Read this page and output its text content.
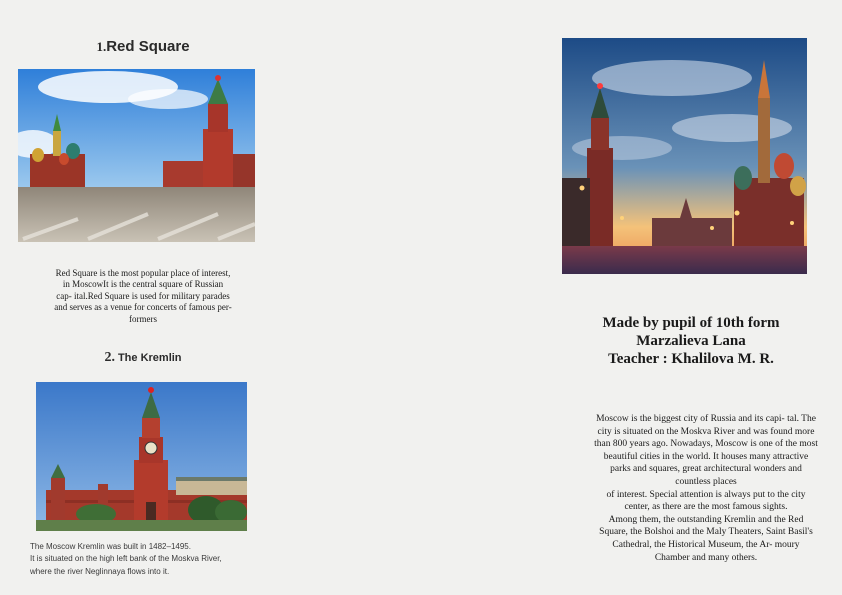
1.Red Square
Red Square is the most popular place of interest,
in MoscowIt is the central square of Russian
cap- ital.Red Square is used for military parades
and serves as a venue for concerts of famous per-
formers
2. The Kremlin
The Moscow Kremlin was built in 1482–1495.
It is situated on the high left bank of the Moskva River,
where the river Neglinnaya flows into it.
Made by pupil of 10th form
Marzalieva Lana
Teacher : Khalilova M. R.
Moscow is the biggest city of Russia and its capi- tal. The
city is situated on the Moskva River and was found more
than 800 years ago. Nowadays, Moscow is one of the most
beautiful cities in the world. It houses many attractive
parks and squares, great architectural wonders and
countless places
of interest. Special attention is always put to the city
center, as there are the most famous sights.
Among them, the outstanding Kremlin and the Red
Square, the Bolshoi and the Maly Theaters, Saint Basil's
Cathedral, the Historical Museum, the Ar- moury
Chamber and many others.
